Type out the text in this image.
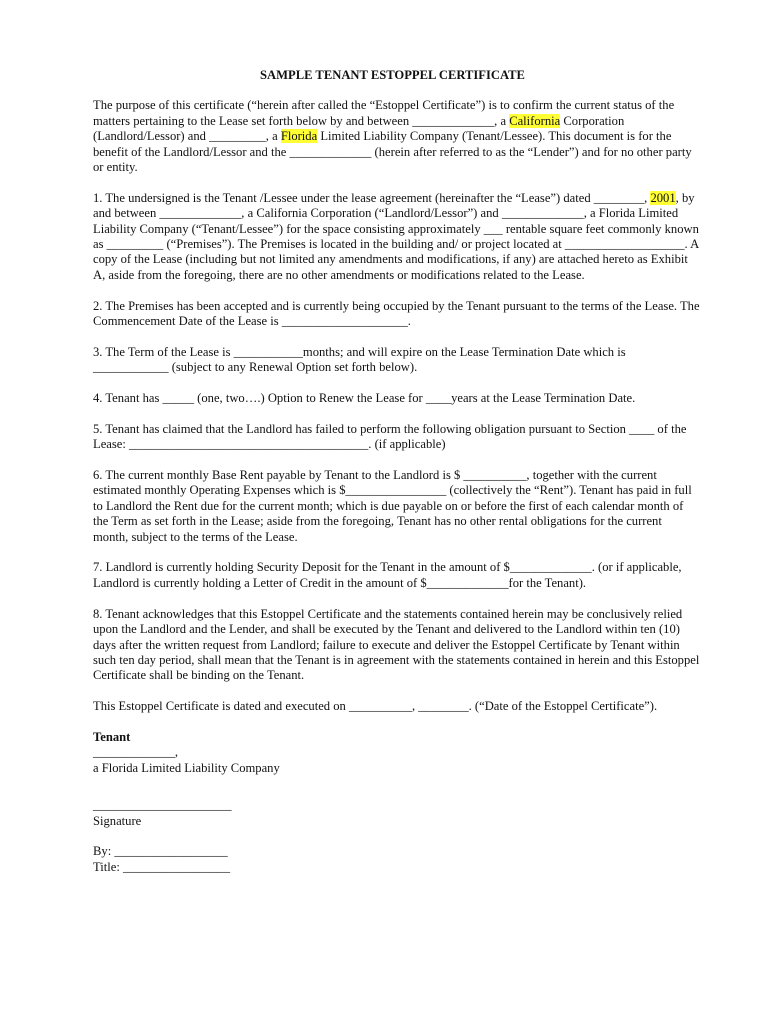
SAMPLE TENANT ESTOPPEL CERTIFICATE

The purpose of this certificate (“herein after called the “Estoppel Certificate”) is to confirm the current status of the matters pertaining to the Lease set forth below by and between _____________, a California Corporation (Landlord/Lessor) and _________, a Florida Limited Liability Company (Tenant/Lessee). This document is for the benefit of the Landlord/Lessor and the _____________ (herein after referred to as the “Lender”) and for no other party or entity.

1. The undersigned is the Tenant /Lessee under the lease agreement (hereinafter the “Lease”) dated ________, 2001, by and between _____________, a California Corporation (“Landlord/Lessor”) and _____________, a Florida Limited Liability Company (“Tenant/Lessee”) for the space consisting approximately ___ rentable square feet commonly known as _________ (“Premises”). The Premises is located in the building and/ or project located at ___________________. A copy of the Lease (including but not limited any amendments and modifications, if any) are attached hereto as Exhibit A, aside from the foregoing, there are no other amendments or modifications related to the Lease.

2. The Premises has been accepted and is currently being occupied by the Tenant pursuant to the terms of the Lease. The Commencement Date of the Lease is ____________________.

3. The Term of the Lease is ___________months; and will expire on the Lease Termination Date which is ____________ (subject to any Renewal Option set forth below).

4. Tenant has _____ (one, two….) Option to Renew the Lease for ____years at the Lease Termination Date.

5. Tenant has claimed that the Landlord has failed to perform the following obligation pursuant to Section ____ of the Lease: ______________________________________. (if applicable)

6. The current monthly Base Rent payable by Tenant to the Landlord is $ __________, together with the current estimated monthly Operating Expenses which is $________________ (collectively the “Rent”). Tenant has paid in full to Landlord the Rent due for the current month; which is due payable on or before the first of each calendar month of the Term as set forth in the Lease; aside from the foregoing, Tenant has no other rental obligations for the current month, subject to the terms of the Lease.

7. Landlord is currently holding Security Deposit for the Tenant in the amount of $_____________. (or if applicable, Landlord is currently holding a Letter of Credit in the amount of $_____________for the Tenant).

8. Tenant acknowledges that this Estoppel Certificate and the statements contained herein may be conclusively relied upon the Landlord and the Lender, and shall be executed by the Tenant and delivered to the Landlord within ten (10) days after the written request from Landlord; failure to execute and deliver the Estoppel Certificate by Tenant within such ten day period, shall mean that the Tenant is in agreement with the statements contained in herein and this Estoppel Certificate shall be binding on the Tenant.

This Estoppel Certificate is dated and executed on __________, ________. (“Date of the Estoppel Certificate”).

Tenant

_____________,

a Florida Limited Liability Company

______________________

Signature

By: __________________

Title: _________________
